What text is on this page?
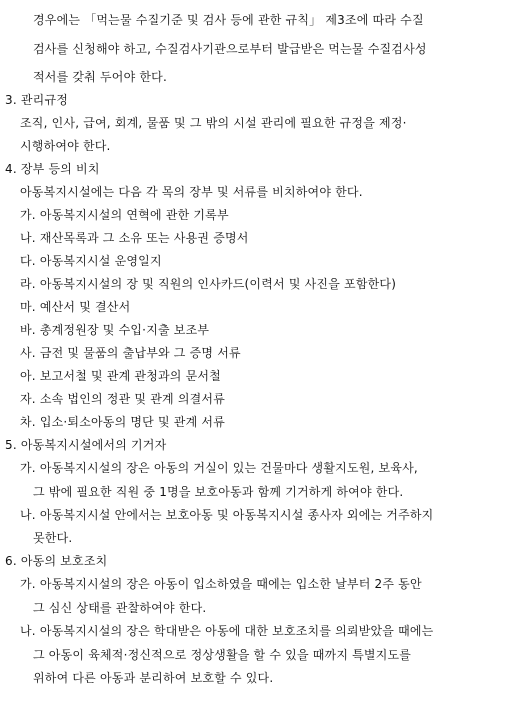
경우에는 「먹는물 수질기준 및 검사 등에 관한 규칙」 제3조에 따라 수질
검사를 신청해야 하고, 수질검사기관으로부터 발급받은 먹는물 수질검사성
적서를 갖춰 두어야 한다.
3. 관리규정
조직, 인사, 급여, 회계, 물품 및 그 밖의 시설 관리에 필요한 규정을 제정·
시행하여야 한다.
4. 장부 등의 비치
아동복지시설에는 다음 각 목의 장부 및 서류를 비치하여야 한다.
가. 아동복지시설의 연혁에 관한 기록부
나. 재산목록과 그 소유 또는 사용권 증명서
다. 아동복지시설 운영일지
라. 아동복지시설의 장 및 직원의 인사카드(이력서 및 사진을 포함한다)
마. 예산서 및 결산서
바. 총계정원장 및 수입·지출 보조부
사. 금전 및 물품의 출납부와 그 증명 서류
아. 보고서철 및 관계 관청과의 문서철
자. 소속 법인의 정관 및 관계 의결서류
차. 입소·퇴소아동의 명단 및 관계 서류
5. 아동복지시설에서의 기거자
가. 아동복지시설의 장은 아동의 거실이 있는 건물마다 생활지도원, 보육사,
그 밖에 필요한 직원 중 1명을 보호아동과 함께 기거하게 하여야 한다.
나. 아동복지시설 안에서는 보호아동 및 아동복지시설 종사자 외에는 거주하지
못한다.
6. 아동의 보호조치
가. 아동복지시설의 장은 아동이 입소하였을 때에는 입소한 날부터 2주 동안
그 심신 상태를 관찰하여야 한다.
나. 아동복지시설의 장은 학대받은 아동에 대한 보호조치를 의뢰받았을 때에는
그 아동이 육체적·정신적으로 정상생활을 할 수 있을 때까지 특별지도를
위하여 다른 아동과 분리하여 보호할 수 있다.
